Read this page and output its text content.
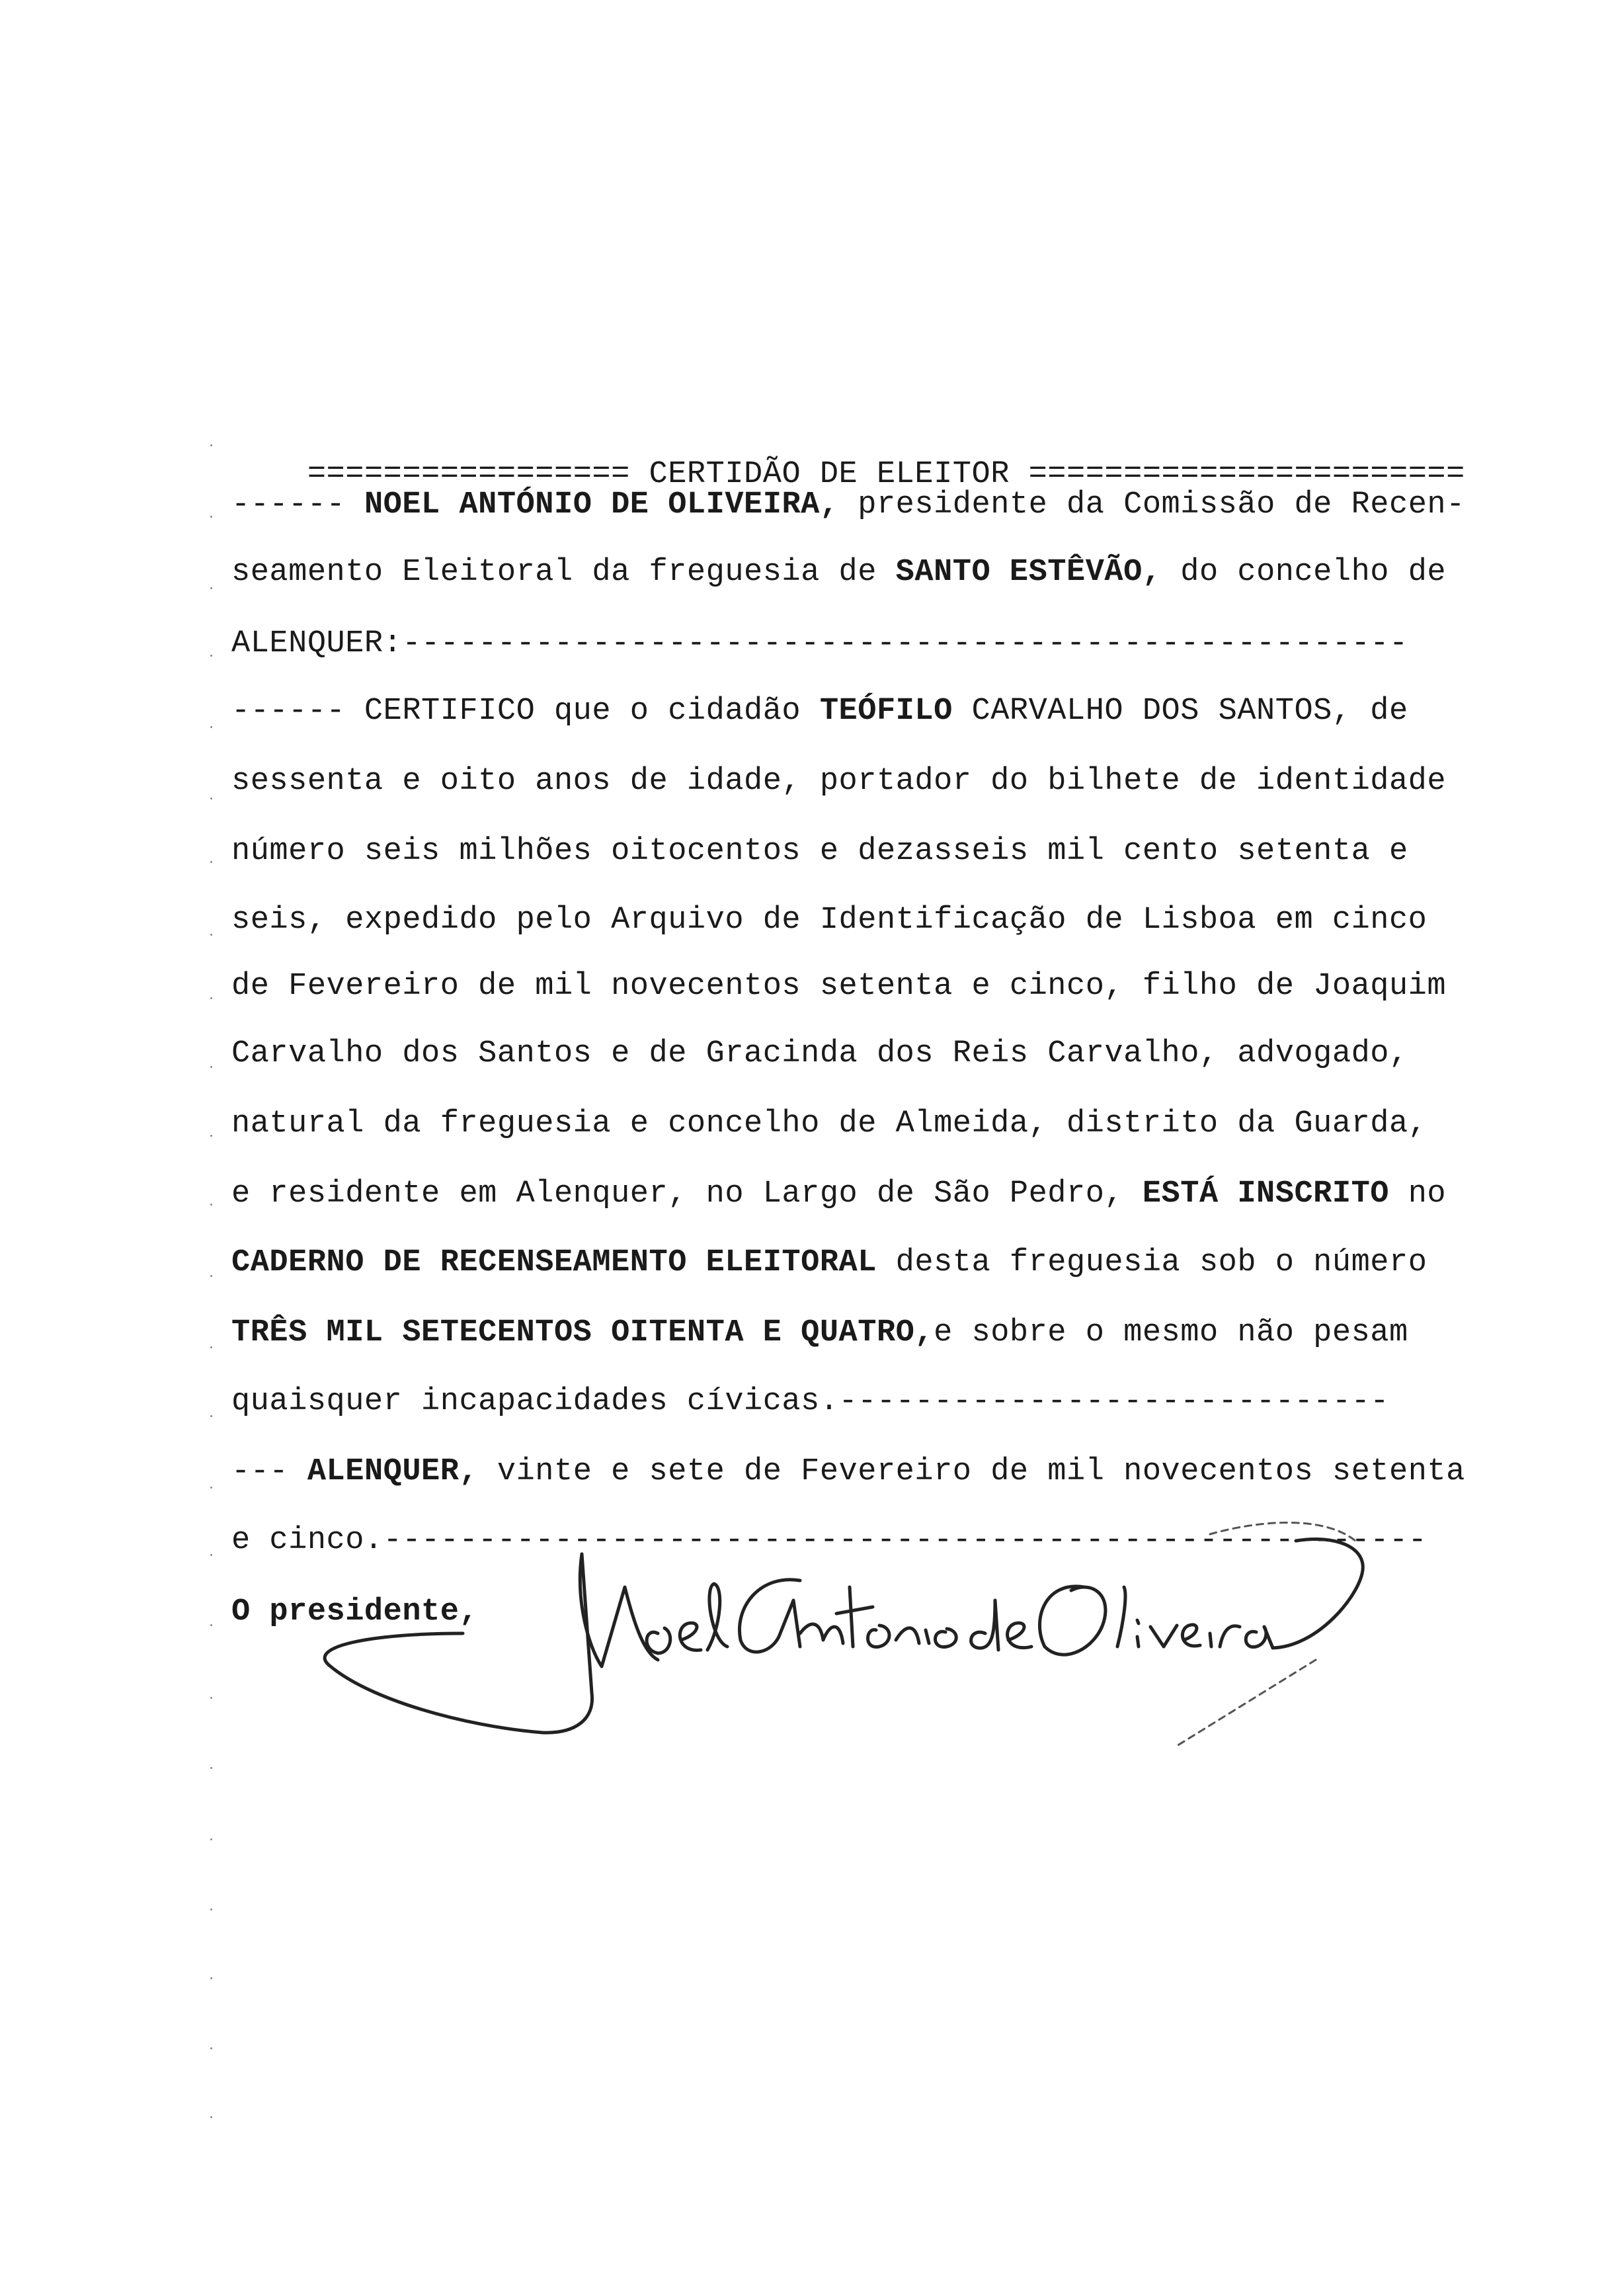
================= CERTIDÃO DE ELEITOR =======================

------ NOEL ANTÓNIO DE OLIVEIRA, presidente da Comissão de Recen-
seamento Eleitoral da freguesia de SANTO ESTÊVÃO, do concelho de
ALENQUER:-----------------------------------------------------
------ CERTIFICO que o cidadão TEÓFILO CARVALHO DOS SANTOS, de
sessenta e oito anos de idade, portador do bilhete de identidade
número seis milhões oitocentos e dezasseis mil cento setenta e
seis, expedido pelo Arquivo de Identificação de Lisboa em cinco
de Fevereiro de mil novecentos setenta e cinco, filho de Joaquim
Carvalho dos Santos e de Gracinda dos Reis Carvalho, advogado,
natural da freguesia e concelho de Almeida, distrito da Guarda,
e residente em Alenquer, no Largo de São Pedro, ESTÁ INSCRITO no
CADERNO DE RECENSEAMENTO ELEITORAL desta freguesia sob o número
TRÊS MIL SETECENTOS OITENTA E QUATRO,e sobre o mesmo não pesam
quaisquer incapacidades cívicas.-----------------------------
--- ALENQUER, vinte e sete de Fevereiro de mil novecentos setenta
e cinco.-------------------------------------------------------
O presidente,
